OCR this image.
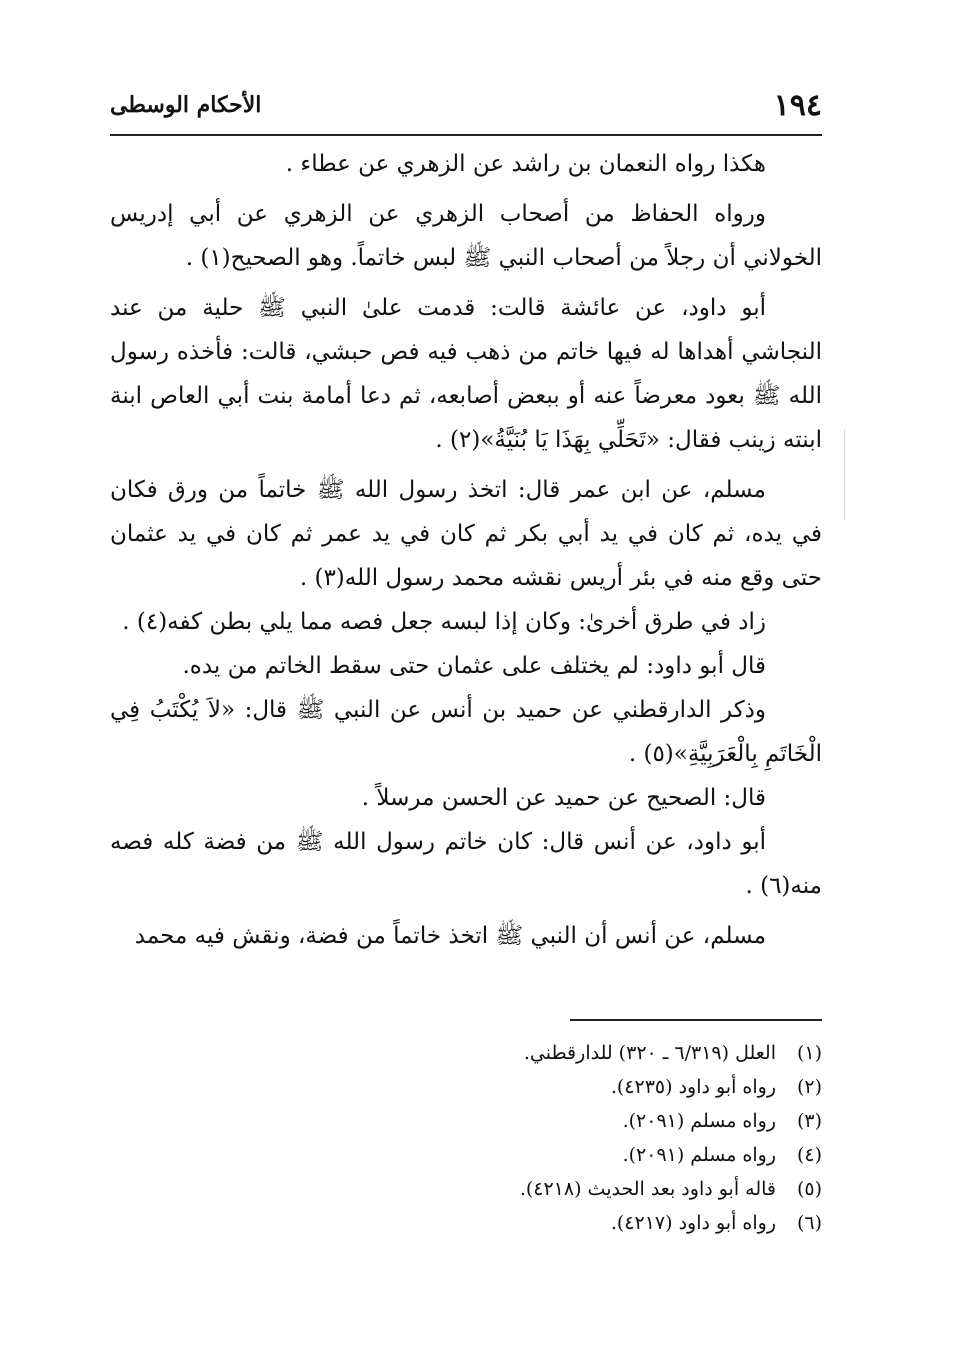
١٩٤
الأحكام الوسطى

هكذا رواه النعمان بن راشد عن الزهري عن عطاء .

ورواه الحفاظ من أصحاب الزهري عن الزهري عن أبي إدريس الخولاني أن رجلاً من أصحاب النبي ﷺ لبس خاتماً. وهو الصحيح(١) .

أبو داود، عن عائشة قالت: قدمت علىٰ النبي ﷺ حلية من عند النجاشي أهداها له فيها خاتم من ذهب فيه فص حبشي، قالت: فأخذه رسول الله ﷺ بعود معرضاً عنه أو ببعض أصابعه، ثم دعا أمامة بنت أبي العاص ابنة ابنته زينب فقال: «تَحَلِّي بِهَذَا يَا بُنَيَّةُ»(٢) .

مسلم، عن ابن عمر قال: اتخذ رسول الله ﷺ خاتماً من ورق فكان في يده، ثم كان في يد أبي بكر ثم كان في يد عمر ثم كان في يد عثمان حتى وقع منه في بئر أريس نقشه محمد رسول الله(٣) .

زاد في طرق أخرىٰ: وكان إذا لبسه جعل فصه مما يلي بطن كفه(٤) .

قال أبو داود: لم يختلف على عثمان حتى سقط الخاتم من يده.

وذكر الدارقطني عن حميد بن أنس عن النبي ﷺ قال: «لاَ يُكْتَبُ فِي الْخَاتَمِ بِالْعَرَبِيَّةِ»(٥) .

قال: الصحيح عن حميد عن الحسن مرسلاً .

أبو داود، عن أنس قال: كان خاتم رسول الله ﷺ من فضة كله فصه منه(٦) .

مسلم، عن أنس أن النبي ﷺ اتخذ خاتماً من فضة، ونقش فيه محمد

(١)
العلل (٦/٣١٩ ـ ٣٢٠) للدارقطني.
(٢)
رواه أبو داود (٤٢٣٥).
(٣)
رواه مسلم (٢٠٩١).
(٤)
رواه مسلم (٢٠٩١).
(٥)
قاله أبو داود بعد الحديث (٤٢١٨).
(٦)
رواه أبو داود (٤٢١٧).
